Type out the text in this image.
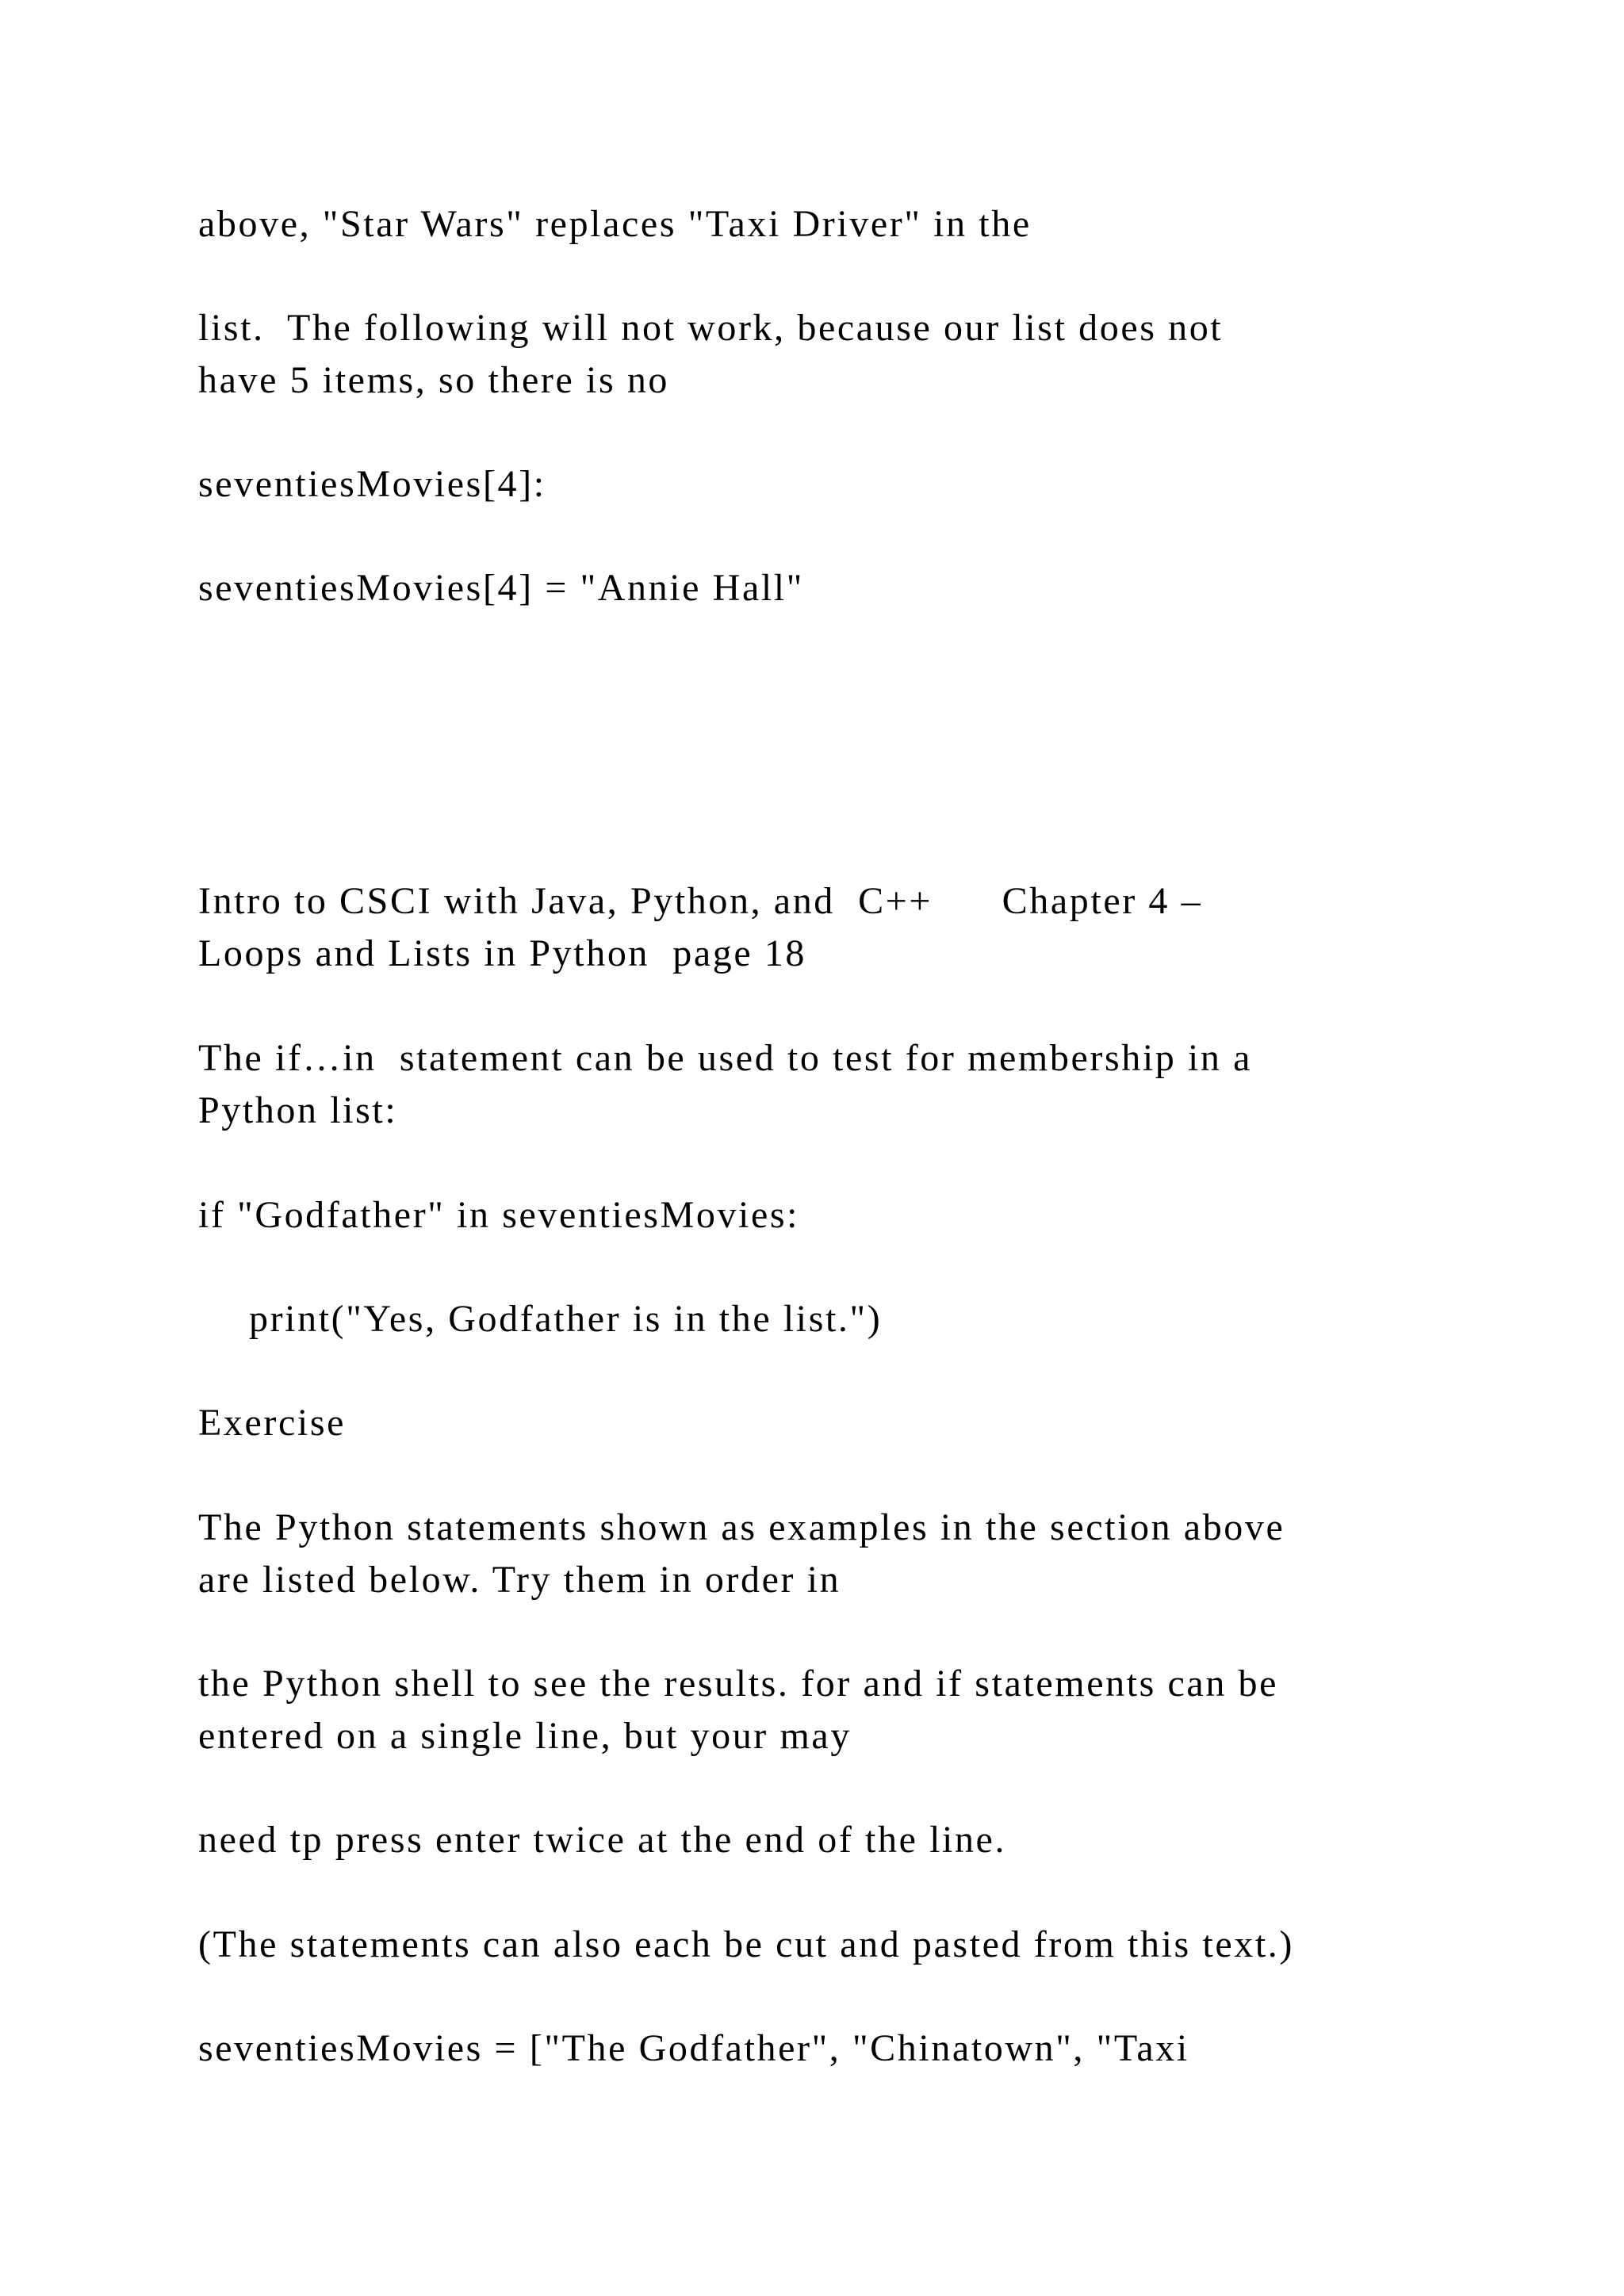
above, "Star Wars" replaces "Taxi Driver" in the

list.  The following will not work, because our list does not

have 5 items, so there is no

seventiesMovies[4]:

seventiesMovies[4] = "Annie Hall"

Intro to CSCI with Java, Python, and  C++      Chapter 4 –

Loops and Lists in Python  page 18

The if…in  statement can be used to test for membership in a

Python list:

if "Godfather" in seventiesMovies:

print("Yes, Godfather is in the list.")

Exercise

The Python statements shown as examples in the section above

are listed below. Try them in order in

the Python shell to see the results. for and if statements can be

entered on a single line, but your may

need tp press enter twice at the end of the line.

(The statements can also each be cut and pasted from this text.)

seventiesMovies = ["The Godfather", "Chinatown", "Taxi
